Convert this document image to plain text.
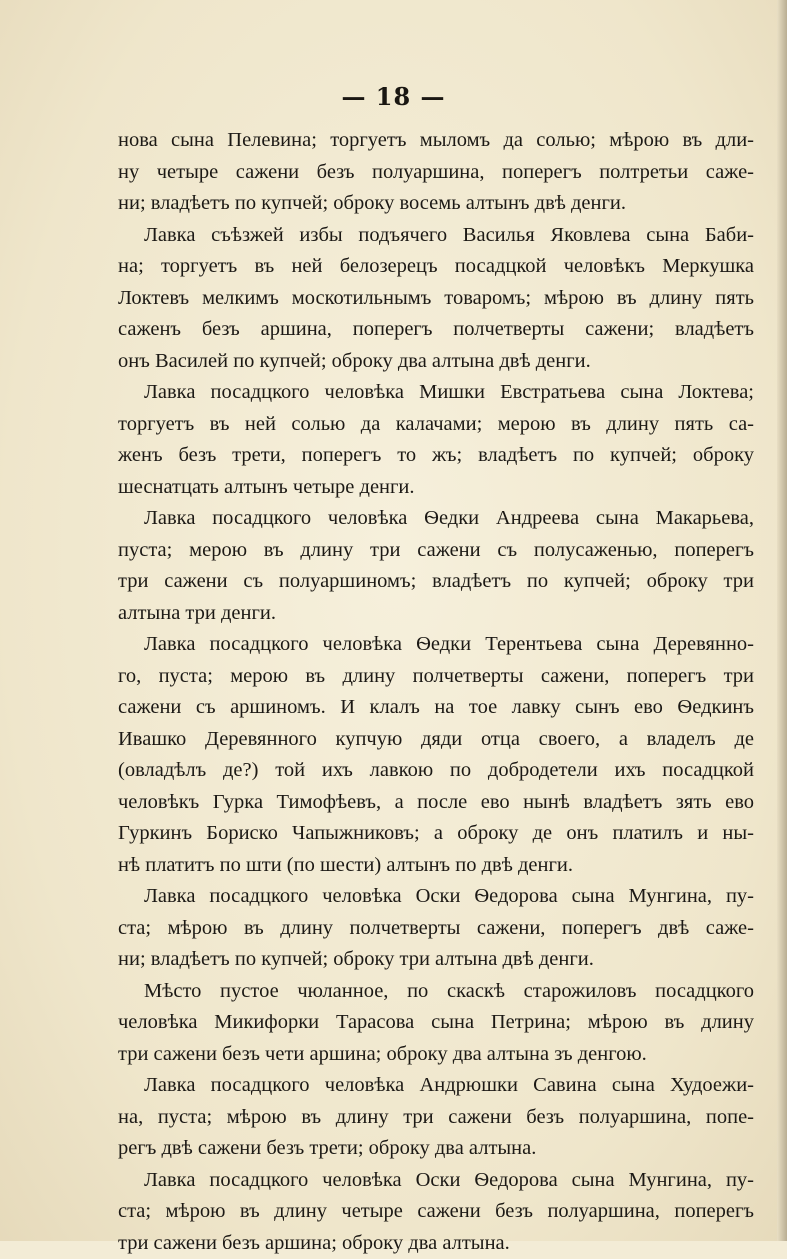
— 18 —
нова сына Пелевина; торгуетъ мыломъ да солью; мѣрою въ дли-
ну четыре сажени безъ полуаршина, поперегъ полтретьи саже-
ни; владѣетъ по купчей; оброку восемь алтынъ двѣ денги.
Лавка съѣзжей избы подъячего Василья Яковлева сына Баби-
на; торгуетъ въ ней белозерецъ посадцкой человѣкъ Меркушка
Локтевъ мелкимъ москотильнымъ товаромъ; мѣрою въ длину пять
саженъ безъ аршина, поперегъ полчетверты сажени; владѣетъ
онъ Василей по купчей; оброку два алтына двѣ денги.
Лавка посадцкого человѣка Мишки Евстратьева сына Локтева;
торгуетъ въ ней солью да калачами; мерою въ длину пять са-
женъ безъ трети, поперегъ то жъ; владѣетъ по купчей; оброку
шеснатцать алтынъ четыре денги.
Лавка посадцкого человѣка Ѳедки Андреева сына Макарьева,
пуста; мерою въ длину три сажени съ полусаженью, поперегъ
три сажени съ полуаршиномъ; владѣетъ по купчей; оброку три
алтына три денги.
Лавка посадцкого человѣка Ѳедки Терентьева сына Деревянно-
го, пуста; мерою въ длину полчетверты сажени, поперегъ три
сажени съ аршиномъ. И клалъ на тое лавку сынъ ево Ѳедкинъ
Ивашко Деревянного купчую дяди отца своего, а владелъ де
(овладѣлъ де?) той ихъ лавкою по добродетели ихъ посадцкой
человѣкъ Гурка Тимофѣевъ, а после ево нынѣ владѣетъ зять ево
Гуркинъ Бориско Чапыжниковъ; а оброку де онъ платилъ и ны-
нѣ платитъ по шти (по шести) алтынъ по двѣ денги.
Лавка посадцкого человѣка Оски Ѳедорова сына Мунгина, пу-
ста; мѣрою въ длину полчетверты сажени, поперегъ двѣ саже-
ни; владѣетъ по купчей; оброку три алтына двѣ денги.
Мѣсто пустое чюланное, по скаскѣ старожиловъ посадцкого
человѣка Микифорки Тарасова сына Петрина; мѣрою въ длину
три сажени безъ чети аршина; оброку два алтына зъ денгою.
Лавка посадцкого человѣка Андрюшки Савина сына Худоежи-
на, пуста; мѣрою въ длину три сажени безъ полуаршина, попе-
регъ двѣ сажени безъ трети; оброку два алтына.
Лавка посадцкого человѣка Оски Ѳедорова сына Мунгина, пу-
ста; мѣрою въ длину четыре сажени безъ полуаршина, поперегъ
три сажени безъ аршина; оброку два алтына.
